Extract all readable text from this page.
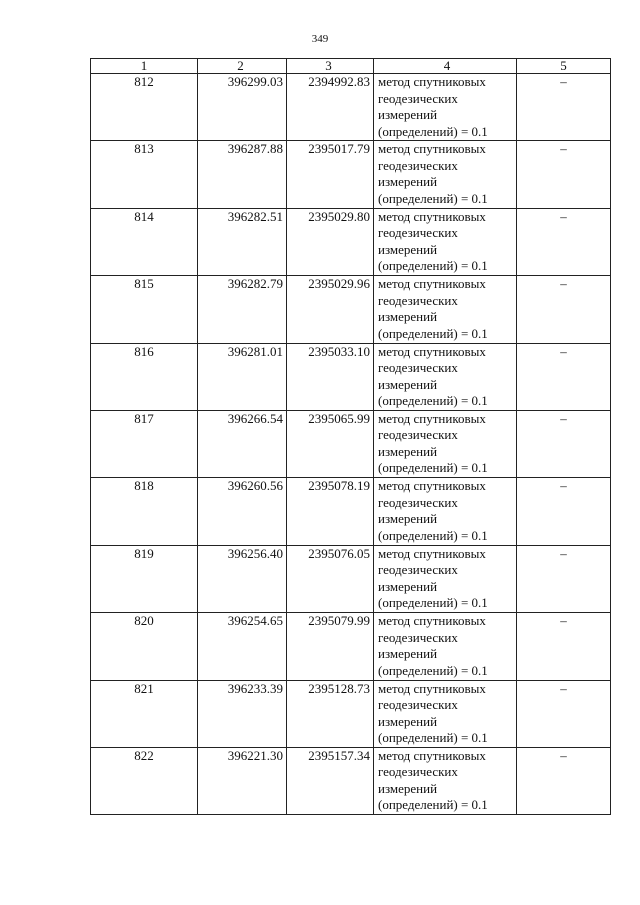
349
1	2	3	4	5
812	396299.03	2394992.83	метод спутниковых
геодезических
измерений
(определений) = 0.1	–
813	396287.88	2395017.79	метод спутниковых
геодезических
измерений
(определений) = 0.1	–
814	396282.51	2395029.80	метод спутниковых
геодезических
измерений
(определений) = 0.1	–
815	396282.79	2395029.96	метод спутниковых
геодезических
измерений
(определений) = 0.1	–
816	396281.01	2395033.10	метод спутниковых
геодезических
измерений
(определений) = 0.1	–
817	396266.54	2395065.99	метод спутниковых
геодезических
измерений
(определений) = 0.1	–
818	396260.56	2395078.19	метод спутниковых
геодезических
измерений
(определений) = 0.1	–
819	396256.40	2395076.05	метод спутниковых
геодезических
измерений
(определений) = 0.1	–
820	396254.65	2395079.99	метод спутниковых
геодезических
измерений
(определений) = 0.1	–
821	396233.39	2395128.73	метод спутниковых
геодезических
измерений
(определений) = 0.1	–
822	396221.30	2395157.34	метод спутниковых
геодезических
измерений
(определений) = 0.1	–
